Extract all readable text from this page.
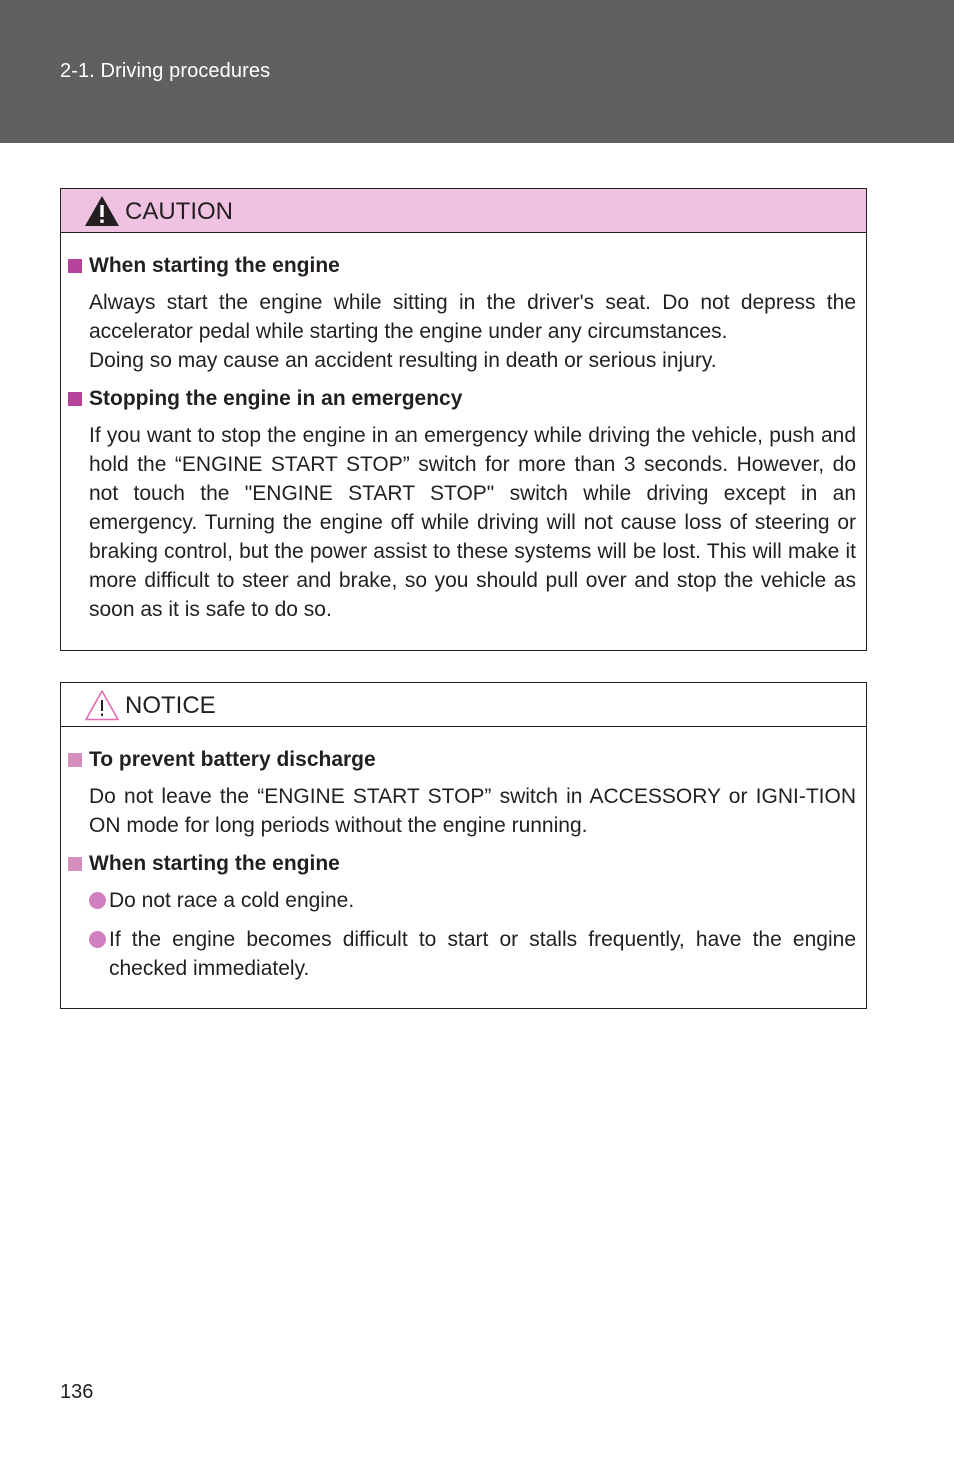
2-1. Driving procedures
CAUTION
When starting the engine
Always start the engine while sitting in the driver's seat. Do not depress the accelerator pedal while starting the engine under any circumstances.
Doing so may cause an accident resulting in death or serious injury.
Stopping the engine in an emergency
If you want to stop the engine in an emergency while driving the vehicle, push and hold the “ENGINE START STOP” switch for more than 3 seconds. However, do not touch the "ENGINE START STOP" switch while driving except in an emergency. Turning the engine off while driving will not cause loss of steering or braking control, but the power assist to these systems will be lost. This will make it more difficult to steer and brake, so you should pull over and stop the vehicle as soon as it is safe to do so.
NOTICE
To prevent battery discharge
Do not leave the “ENGINE START STOP” switch in ACCESSORY or IGNI-TION ON mode for long periods without the engine running.
When starting the engine
Do not race a cold engine.
If the engine becomes difficult to start or stalls frequently, have the engine checked immediately.
136
